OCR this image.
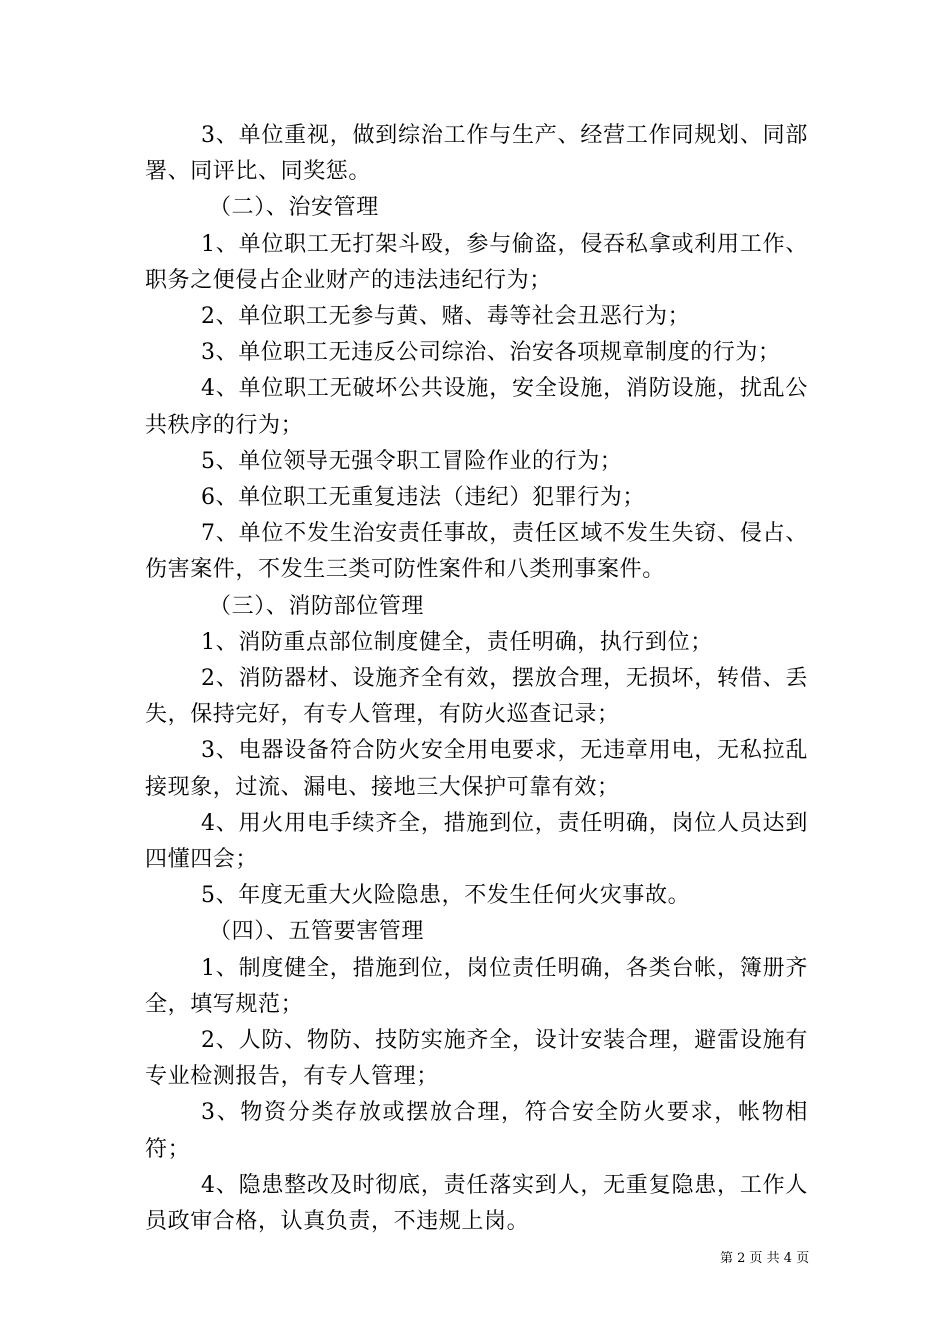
3、单位重视，做到综治工作与生产、经营工作同规划、同部署、同评比、同奖惩。

（二）、治安管理

1、单位职工无打架斗殴，参与偷盗，侵吞私拿或利用工作、职务之便侵占企业财产的违法违纪行为；

2、单位职工无参与黄、赌、毒等社会丑恶行为；

3、单位职工无违反公司综治、治安各项规章制度的行为；

4、单位职工无破坏公共设施，安全设施，消防设施，扰乱公共秩序的行为；

5、单位领导无强令职工冒险作业的行为；

6、单位职工无重复违法（违纪）犯罪行为；

7、单位不发生治安责任事故，责任区域不发生失窃、侵占、伤害案件，不发生三类可防性案件和八类刑事案件。

（三）、消防部位管理

1、消防重点部位制度健全，责任明确，执行到位；

2、消防器材、设施齐全有效，摆放合理，无损坏，转借、丢失，保持完好，有专人管理，有防火巡查记录；

3、电器设备符合防火安全用电要求，无违章用电，无私拉乱接现象，过流、漏电、接地三大保护可靠有效；

4、用火用电手续齐全，措施到位，责任明确，岗位人员达到四懂四会；

5、年度无重大火险隐患，不发生任何火灾事故。

（四）、五管要害管理

1、制度健全，措施到位，岗位责任明确，各类台帐，簿册齐全，填写规范；

2、人防、物防、技防实施齐全，设计安装合理，避雷设施有专业检测报告，有专人管理；

3、物资分类存放或摆放合理，符合安全防火要求，帐物相符；

4、隐患整改及时彻底，责任落实到人，无重复隐患，工作人员政审合格，认真负责，不违规上岗。

第 2 页 共 4 页
